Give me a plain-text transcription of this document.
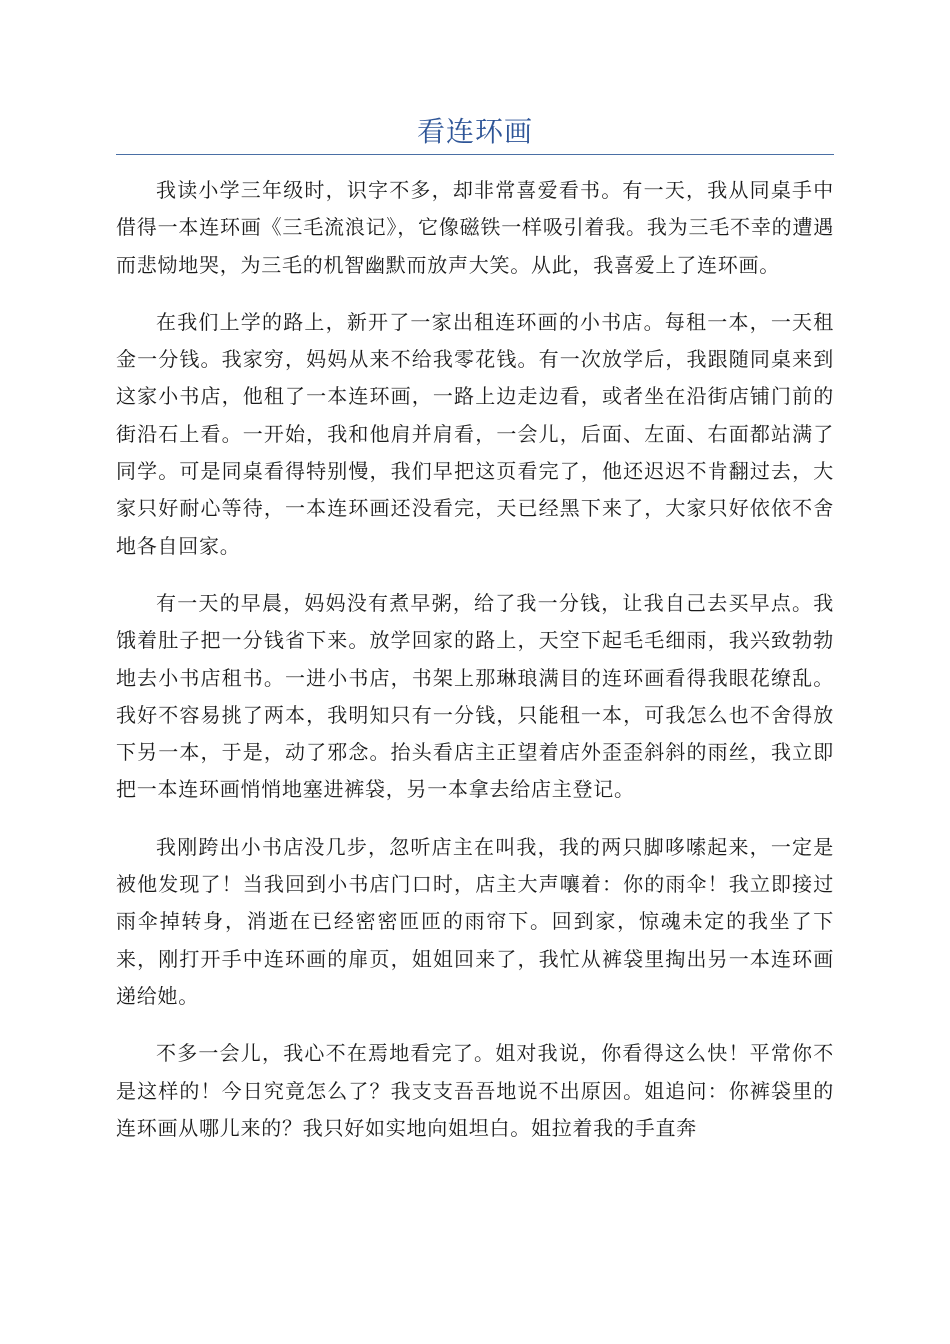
看连环画

我读小学三年级时，识字不多，却非常喜爱看书。有一天，我从同桌手中借得一本连环画《三毛流浪记》，它像磁铁一样吸引着我。我为三毛不幸的遭遇而悲恸地哭，为三毛的机智幽默而放声大笑。从此，我喜爱上了连环画。

在我们上学的路上，新开了一家出租连环画的小书店。每租一本，一天租金一分钱。我家穷，妈妈从来不给我零花钱。有一次放学后，我跟随同桌来到这家小书店，他租了一本连环画，一路上边走边看，或者坐在沿街店铺门前的街沿石上看。一开始，我和他肩并肩看，一会儿，后面、左面、右面都站满了同学。可是同桌看得特别慢，我们早把这页看完了，他还迟迟不肯翻过去，大家只好耐心等待，一本连环画还没看完，天已经黑下来了，大家只好依依不舍地各自回家。

有一天的早晨，妈妈没有煮早粥，给了我一分钱，让我自己去买早点。我饿着肚子把一分钱省下来。放学回家的路上，天空下起毛毛细雨，我兴致勃勃地去小书店租书。一进小书店，书架上那琳琅满目的连环画看得我眼花缭乱。我好不容易挑了两本，我明知只有一分钱，只能租一本，可我怎么也不舍得放下另一本，于是，动了邪念。抬头看店主正望着店外歪歪斜斜的雨丝，我立即把一本连环画悄悄地塞进裤袋，另一本拿去给店主登记。

我刚跨出小书店没几步，忽听店主在叫我，我的两只脚哆嗦起来，一定是被他发现了！当我回到小书店门口时，店主大声嚷着：你的雨伞！我立即接过雨伞掉转身，消逝在已经密密匝匝的雨帘下。回到家，惊魂未定的我坐了下来，刚打开手中连环画的扉页，姐姐回来了，我忙从裤袋里掏出另一本连环画递给她。

不多一会儿，我心不在焉地看完了。姐对我说，你看得这么快！平常你不是这样的！今日究竟怎么了？我支支吾吾地说不出原因。姐追问：你裤袋里的连环画从哪儿来的？我只好如实地向姐坦白。姐拉着我的手直奔
